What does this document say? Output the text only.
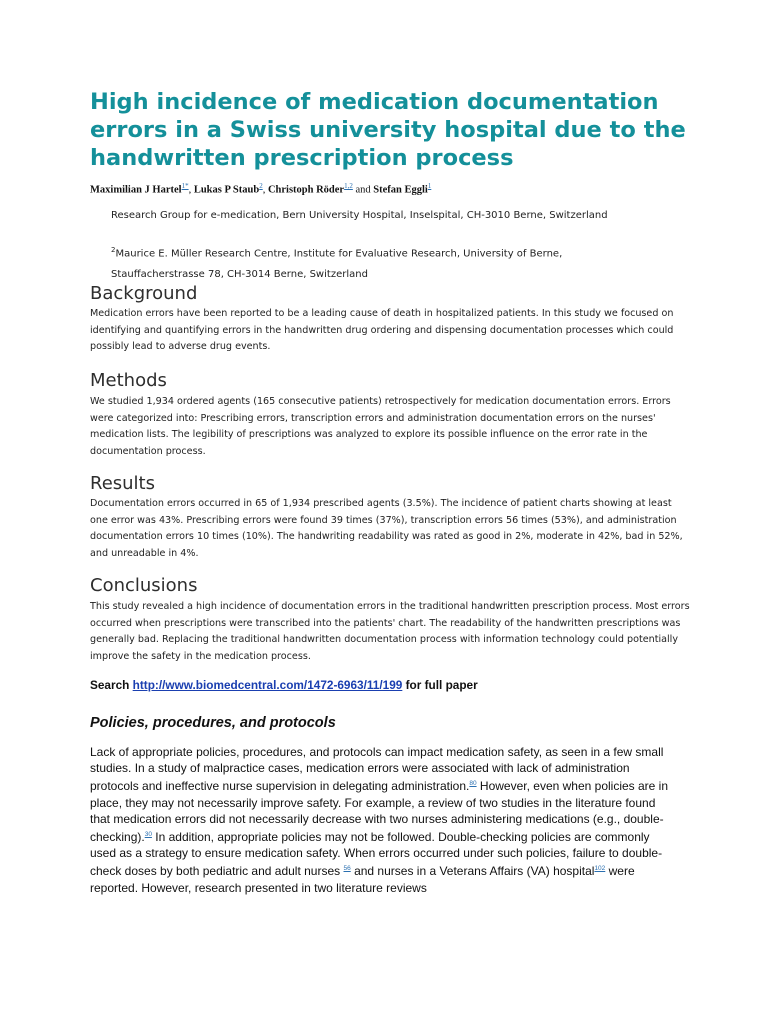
High incidence of medication documentation errors in a Swiss university hospital due to the handwritten prescription process
Maximilian J Hartel$^{1*}$, Lukas P Staub$^2$, Christoph Röder$^{1,2}$ and Stefan Eggli$^1$
Research Group for e-medication, Bern University Hospital, Inselspital, CH-3010 Berne, Switzerland
$^2$Maurice E. Müller Research Centre, Institute for Evaluative Research, University of Berne,
Stauffacherstrasse 78, CH-3014 Berne, Switzerland
Background

Medication errors have been reported to be a leading cause of death in hospitalized patients. In this study we focused on identifying and quantifying errors in the handwritten drug ordering and dispensing documentation processes which could possibly lead to adverse drug events.

Methods

We studied 1,934 ordered agents (165 consecutive patients) retrospectively for medication documentation errors. Errors were categorized into: Prescribing errors, transcription errors and administration documentation errors on the nurses' medication lists. The legibility of prescriptions was analyzed to explore its possible influence on the error rate in the documentation process.

Results

Documentation errors occurred in 65 of 1,934 prescribed agents (3.5%). The incidence of patient charts showing at least one error was 43%. Prescribing errors were found 39 times (37%), transcription errors 56 times (53%), and administration documentation errors 10 times (10%). The handwriting readability was rated as good in 2%, moderate in 42%, bad in 52%, and unreadable in 4%.

Conclusions

This study revealed a high incidence of documentation errors in the traditional handwritten prescription process. Most errors occurred when prescriptions were transcribed into the patients' chart. The readability of the handwritten prescriptions was generally bad. Replacing the traditional handwritten documentation process with information technology could potentially improve the safety in the medication process.

Search http://www.biomedcentral.com/1472-6963/11/199 for full paper
Policies, procedures, and protocols

Lack of appropriate policies, procedures, and protocols can impact medication safety, as seen in a few small studies. In a study of malpractice cases, medication errors were associated with lack of administration protocols and ineffective nurse supervision in delegating administration.$^{80}$ However, even when policies are in place, they may not necessarily improve safety. For example, a review of two studies in the literature found that medication errors did not necessarily decrease with two nurses administering medications (e.g., double-checking).$^{30}$ In addition, appropriate policies may not be followed. Double-checking policies are commonly used as a strategy to ensure medication safety. When errors occurred under such policies, failure to double-check doses by both pediatric and adult nurses $^{56}$ and nurses in a Veterans Affairs (VA) hospital$^{102}$ were reported. However, research presented in two literature reviews
